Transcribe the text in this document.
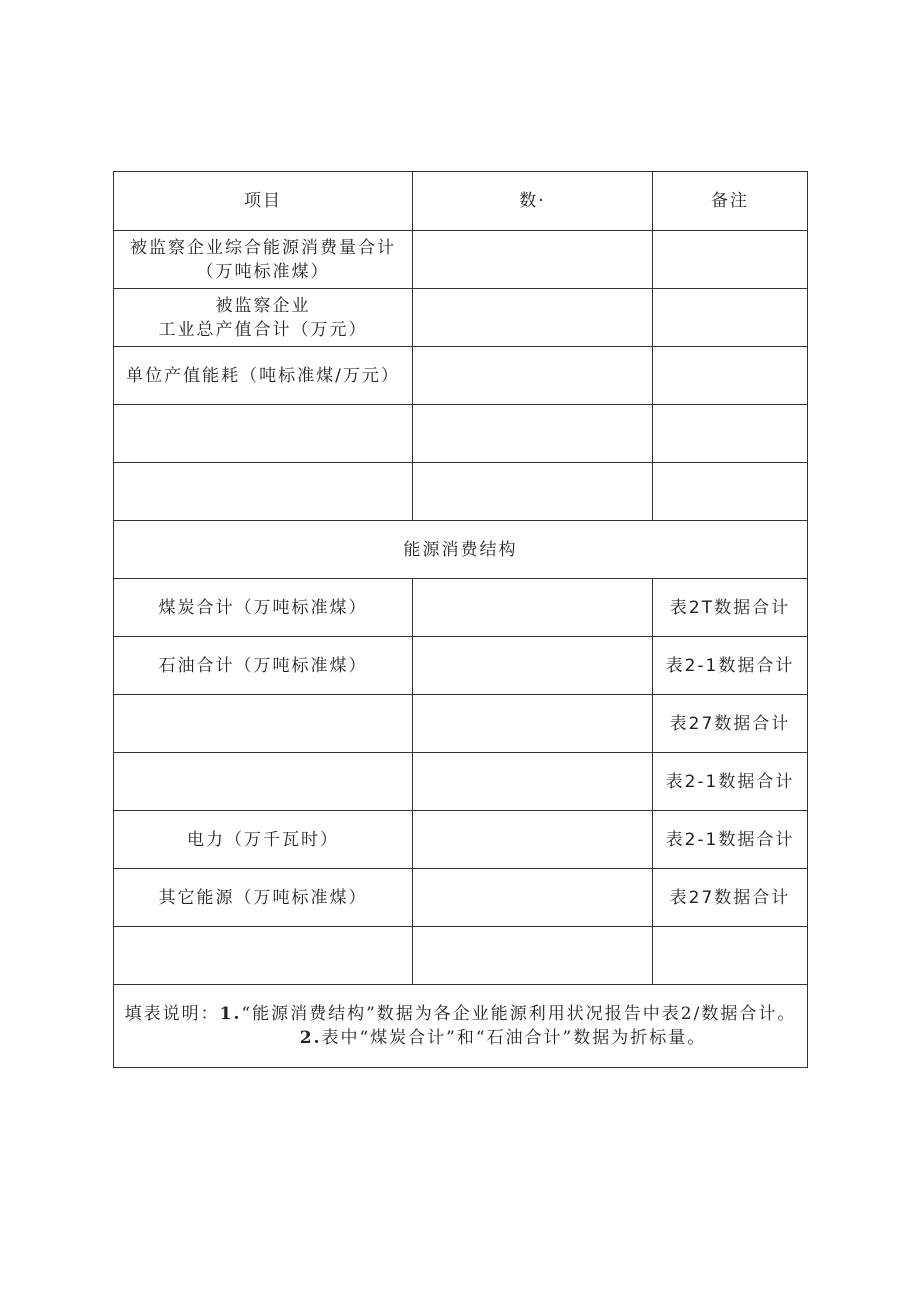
项目	数·	备注
被监察企业综合能源消费量合计（万吨标准煤）		

被监察企业
工业总产值合计（万元）		

单位产值能耗（吨标准煤/万元）		

能源消费结构		
煤炭合计（万吨标准煤）		表2T数据合计
石油合计（万吨标准煤）		表2-1数据合计
		表27数据合计
		表2-1数据合计
电力（万千瓦时）		表2-1数据合计
其它能源（万吨标准煤）		表27数据合计

填表说明：1.“能源消费结构”数据为各企业能源利用状况报告中表2/数据合计。
2.表中“煤炭合计”和“石油合计”数据为折标量。		
